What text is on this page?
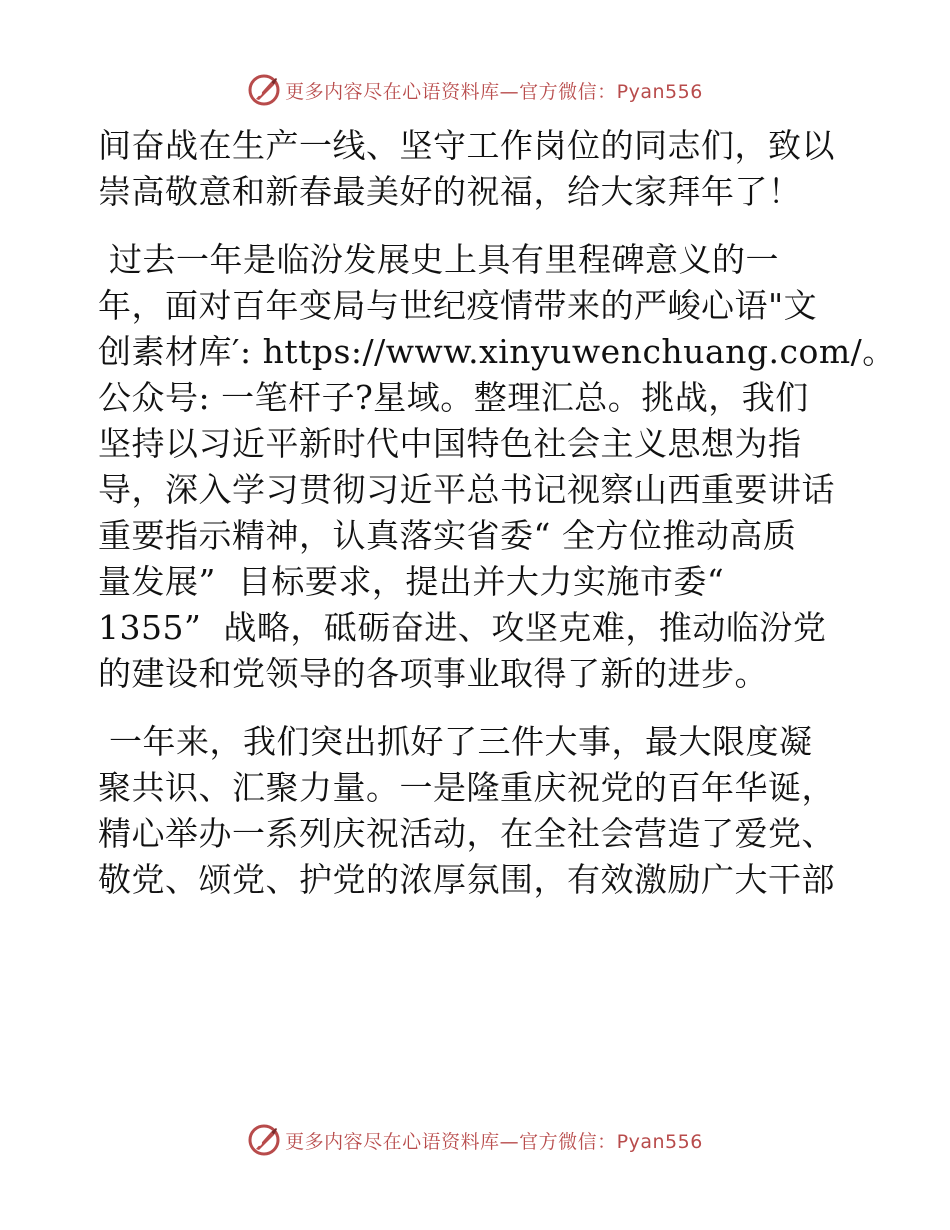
更多内容尽在心语资料库—官方微信：Pyan556
间奋战在生产一线、坚守工作岗位的同志们，致以
崇高敬意和新春最美好的祝福，给大家拜年了！
过去一年是临汾发展史上具有里程碑意义的一
年，面对百年变局与世纪疫情带来的严峻心语"文
创素材库′: https://www.xinyuwenchuang.com/。
公众号: 一笔杆子?星域。整理汇总。挑战，我们
坚持以习近平新时代中国特色社会主义思想为指
导，深入学习贯彻习近平总书记视察山西重要讲话
重要指示精神，认真落实省委“ 全方位推动高质
量发展”  目标要求，提出并大力实施市委“
1355”  战略，砥砺奋进、攻坚克难，推动临汾党
的建设和党领导的各项事业取得了新的进步。
一年来，我们突出抓好了三件大事，最大限度凝
聚共识、汇聚力量。一是隆重庆祝党的百年华诞，
精心举办一系列庆祝活动，在全社会营造了爱党、
敬党、颂党、护党的浓厚氛围，有效激励广大干部
更多内容尽在心语资料库—官方微信：Pyan556
